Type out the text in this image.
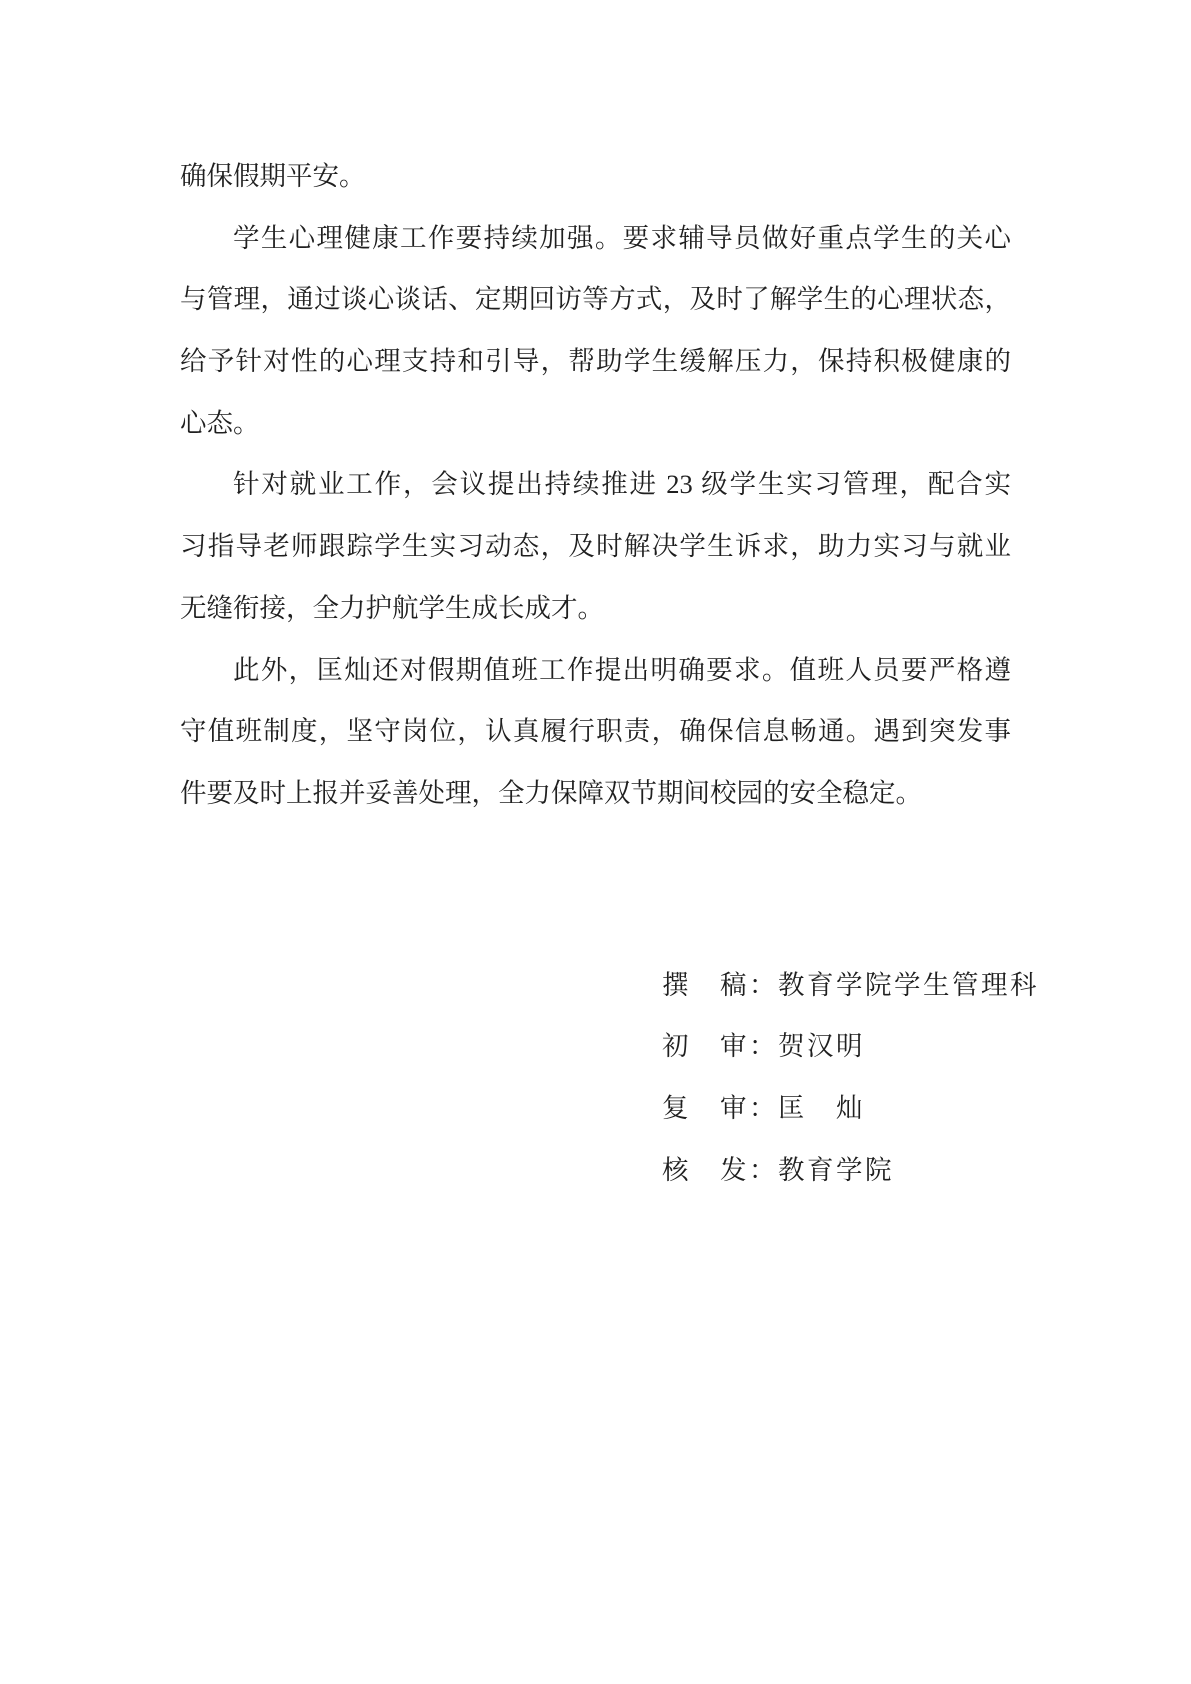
确保假期平安。
学生心理健康工作要持续加强。要求辅导员做好重点学生的关心
与管理，通过谈心谈话、定期回访等方式，及时了解学生的心理状态，
给予针对性的心理支持和引导，帮助学生缓解压力，保持积极健康的
心态。
针对就业工作，会议提出持续推进 23 级学生实习管理，配合实
习指导老师跟踪学生实习动态，及时解决学生诉求，助力实习与就业
无缝衔接，全力护航学生成长成才。
此外，匡灿还对假期值班工作提出明确要求。值班人员要严格遵
守值班制度，坚守岗位，认真履行职责，确保信息畅通。遇到突发事
件要及时上报并妥善处理，全力保障双节期间校园的安全稳定。
撰　稿：教育学院学生管理科
初　审：贺汉明
复　审：匡　灿
核　发：教育学院
